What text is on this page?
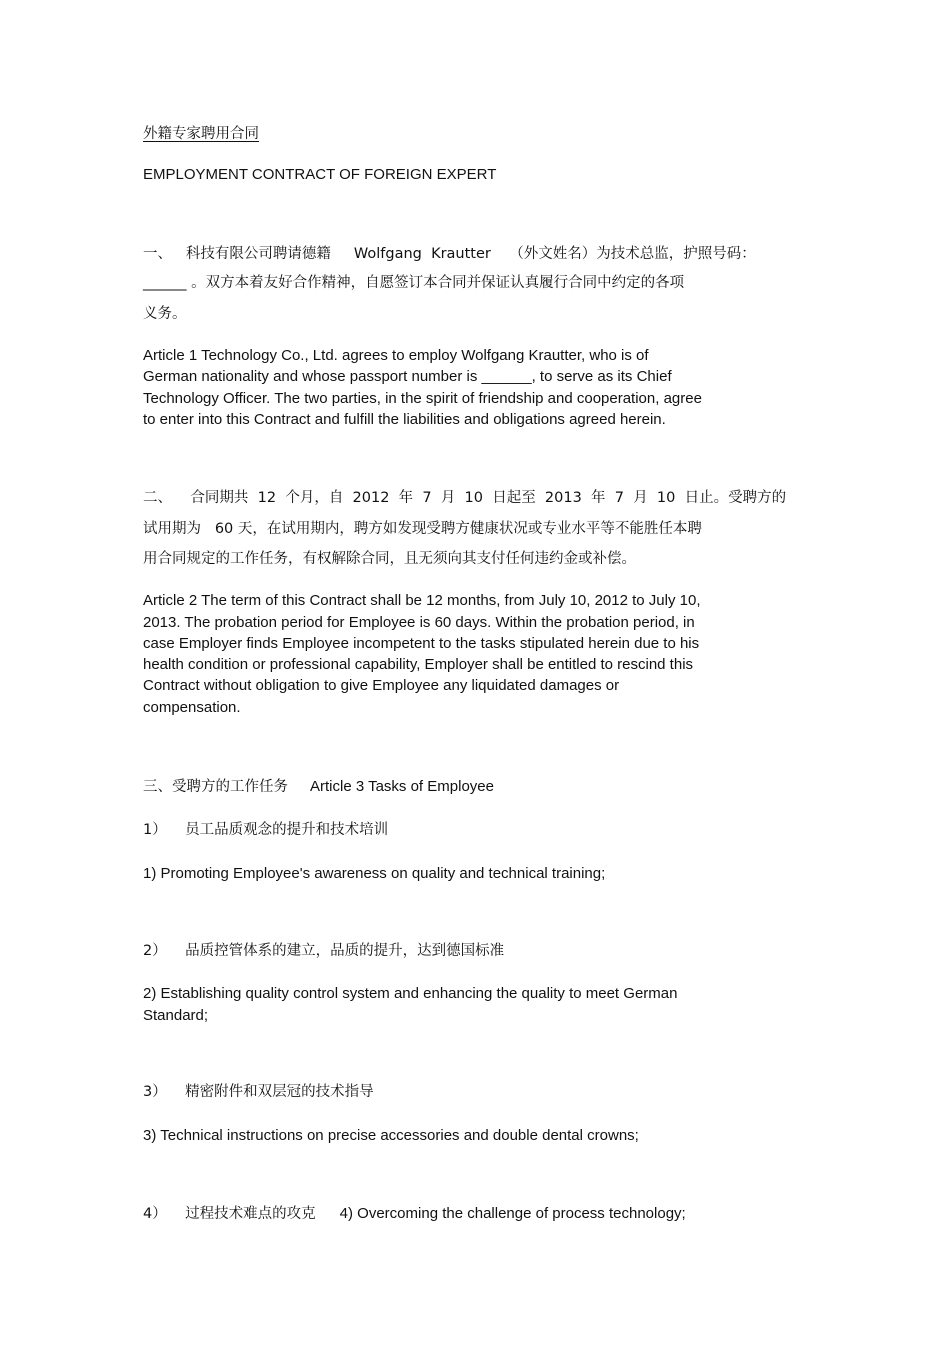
外籍专家聘用合同
EMPLOYMENT CONTRACT OF FOREIGN EXPERT
一、   科技有限公司聘请德籍     Wolfgang  Krautter    （外文姓名）为技术总监，护照号码：
______ 。双方本着友好合作精神，自愿签订本合同并保证认真履行合同中约定的各项
义务。
Article 1 Technology Co., Ltd. agrees to employ Wolfgang Krautter, who is of
German nationality and whose passport number is ______, to serve as its Chief
Technology Officer. The two parties, in the spirit of friendship and cooperation, agree
to enter into this Contract and fulfill the liabilities and obligations agreed herein.
二、    合同期共  12  个月，自  2012  年  7  月  10  日起至  2013  年  7  月  10  日止。受聘方的
试用期为   60 天，在试用期内，聘方如发现受聘方健康状况或专业水平等不能胜任本聘
用合同规定的工作任务，有权解除合同，且无须向其支付任何违约金或补偿。
Article 2 The term of this Contract shall be 12 months, from July 10, 2012 to July 10,
2013. The probation period for Employee is 60 days. Within the probation period, in
case Employer finds Employee incompetent to the tasks stipulated herein due to his
health condition or professional capability, Employer shall be entitled to rescind this
Contract without obligation to give Employee any liquidated damages or
compensation.
三、受聘方的工作任务 Article 3 Tasks of Employee
1）    员工品质观念的提升和技术培训
1) Promoting Employee's awareness on quality and technical training;
2）    品质控管体系的建立，品质的提升，达到德国标准
2) Establishing quality control system and enhancing the quality to meet German
Standard;
3）    精密附件和双层冠的技术指导
3) Technical instructions on precise accessories and double dental crowns;
4）    过程技术难点的攻克 4) Overcoming the challenge of process technology;
